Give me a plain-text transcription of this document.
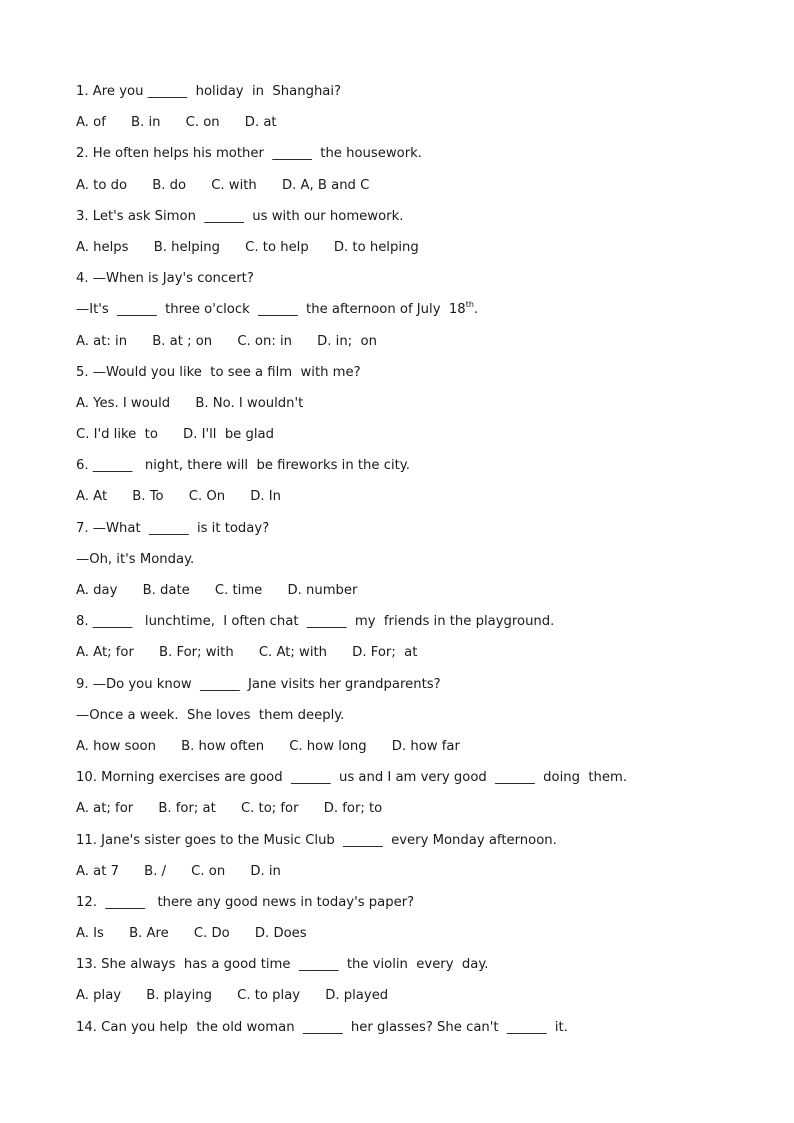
1. Are you ______  holiday  in  Shanghai?
A. of      B. in      C. on      D. at
2. He often helps his mother  ______  the housework.
A. to do      B. do      C. with      D. A, B and C
3. Let's ask Simon  ______  us with our homework.
A. helps      B. helping      C. to help      D. to helping
4. —When is Jay's concert?
—It's  ______  three o'clock  ______  the afternoon of July  18th.
A. at: in      B. at ; on      C. on: in      D. in;  on
5. —Would you like  to see a film  with me?
A. Yes. I would      B. No. I wouldn't
C. I'd like  to      D. I'll  be glad
6. ______   night, there will  be fireworks in the city.
A. At      B. To      C. On      D. In
7. —What  ______  is it today?
—Oh, it's Monday.
A. day      B. date      C. time      D. number
8. ______   lunchtime,  I often chat  ______  my  friends in the playground.
A. At; for      B. For; with      C. At; with      D. For;  at
9. —Do you know  ______  Jane visits her grandparents?
—Once a week.  She loves  them deeply.
A. how soon      B. how often      C. how long      D. how far
10. Morning exercises are good  ______  us and I am very good  ______  doing  them.
A. at; for      B. for; at      C. to; for      D. for; to
11. Jane's sister goes to the Music Club  ______  every Monday afternoon.
A. at 7      B. /      C. on      D. in
12.  ______   there any good news in today's paper?
A. Is      B. Are      C. Do      D. Does
13. She always  has a good time  ______  the violin  every  day.
A. play      B. playing      C. to play      D. played
14. Can you help  the old woman  ______  her glasses? She can't  ______  it.
